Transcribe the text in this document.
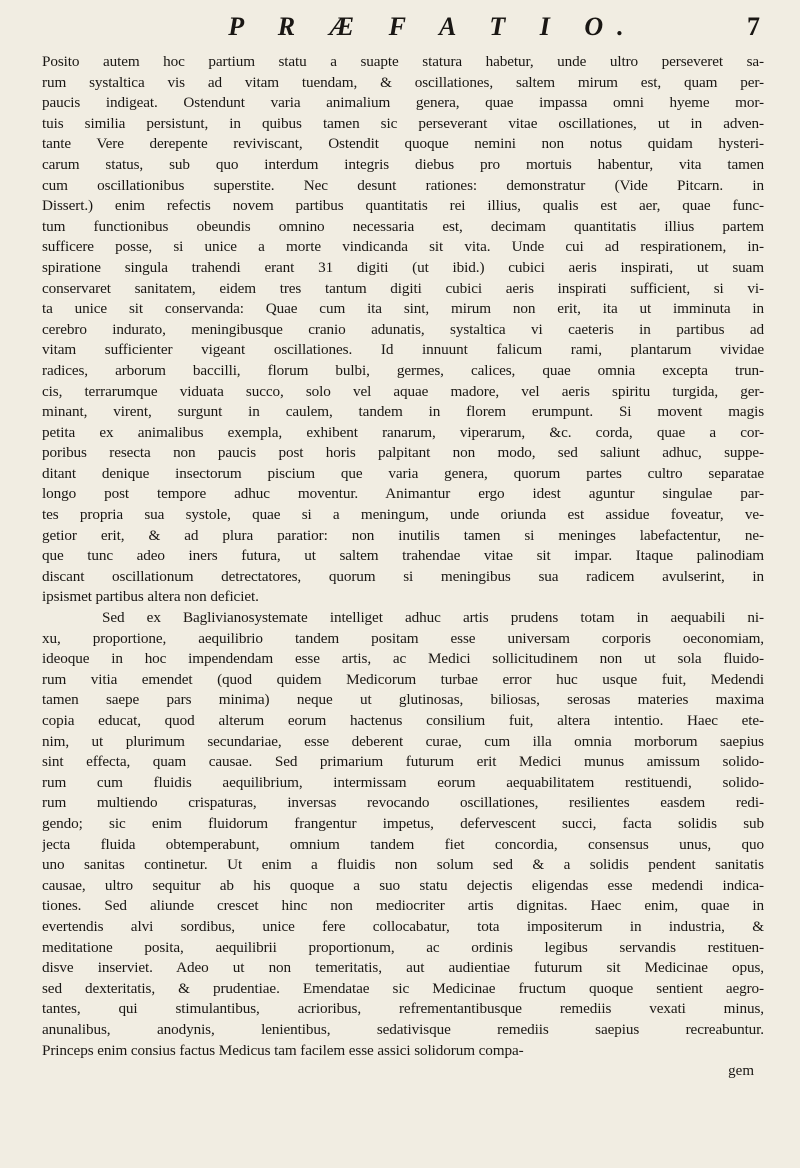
P R Æ F A T I O.	7
Posito autem hoc partium statu a suapte statura habetur, unde ultro perseveret sa-
rum systaltica vis ad vitam tuendam, & oscillationes, saltem mirum est, quam per-
paucis indigeat. Ostendunt varia animalium genera, quae impassa omni hyeme mor-
tuis similia persistunt, in quibus tamen sic perseverant vitae oscillationes, ut in adven-
tante Vere derepente reviviscant, Ostendit quoque nemini non notus quidam hysteri-
carum status, sub quo interdum integris diebus pro mortuis habentur, vita tamen
cum oscillationibus superstite. Nec desunt rationes: demonstratur (Vide Pitcarn. in
Dissert.) enim refectis novem partibus quantitatis rei illius, qualis est aer, quae func-
tum functionibus obeundis omnino necessaria est, decimam quantitatis illius partem
sufficere posse, si unice a morte vindicanda sit vita. Unde cui ad respirationem, in-
spiratione singula trahendi erant 31 digiti (ut ibid.) cubici aeris inspirati, ut suam
conservaret sanitatem, eidem tres tantum digiti cubici aeris inspirati sufficient, si vi-
ta unice sit conservanda: Quae cum ita sint, mirum non erit, ita ut imminuta in
cerebro indurato, meningibusque cranio adunatis, systaltica vi caeteris in partibus ad
vitam sufficienter vigeant oscillationes. Id innuunt falicum rami, plantarum vividae
radices, arborum baccilli, florum bulbi, germes, calices, quae omnia excepta trun-
cis, terrarumque viduata succo, solo vel aquae madore, vel aeris spiritu turgida, ger-
minant, virent, surgunt in caulem, tandem in florem erumpunt. Si movent magis
petita ex animalibus exempla, exhibent ranarum, viperarum, &c. corda, quae a cor-
poribus resecta non paucis post horis palpitant non modo, sed saliunt adhuc, suppe-
ditant denique insectorum piscium que varia genera, quorum partes cultro separatae
longo post tempore adhuc moventur. Animantur ergo idest aguntur singulae par-
tes propria sua systole, quae si a meningum, unde oriunda est assidue foveatur, ve-
getior erit, & ad plura paratior: non inutilis tamen si meninges labefactentur, ne-
que tunc adeo iners futura, ut saltem trahendae vitae sit impar. Itaque palinodiam
discant oscillationum detrectatores, quorum si meningibus sua radicem avulserint, in
ipsismet partibus altera non deficiet.
Sed ex Baglivianosystemate intelliget adhuc artis prudens totam in aequabili ni-
xu, proportione, aequilibrio tandem positam esse universam corporis oeconomiam,
ideoque in hoc impendendam esse artis, ac Medici sollicitudinem non ut sola fluido-
rum vitia emendet (quod quidem Medicorum turbae error huc usque fuit, Medendi
tamen saepe pars minima) neque ut glutinosas, biliosas, serosas materies maxima
copia educat, quod alterum eorum hactenus consilium fuit, altera intentio. Haec ete-
nim, ut plurimum secundariae, esse deberent curae, cum illa omnia morborum saepius
sint effecta, quam causae. Sed primarium futurum erit Medici munus amissum solido-
rum cum fluidis aequilibrium, intermissam eorum aequabilitatem restituendi, solido-
rum multiendo crispaturas, inversas revocando oscillationes, resilientes easdem redi-
gendo; sic enim fluidorum frangentur impetus, defervescent succi, facta solidis sub
jecta fluida obtemperabunt, omnium tandem fiet concordia, consensus unus, quo
uno sanitas continetur. Ut enim a fluidis non solum sed & a solidis pendent sanitatis
causae, ultro sequitur ab his quoque a suo statu dejectis eligendas esse medendi indica-
tiones. Sed aliunde crescet hinc non mediocriter artis dignitas. Haec enim, quae in
evertendis alvi sordibus, unice fere collocabatur, tota impositerum in industria, &
meditatione posita, aequilibrii proportionum, ac ordinis legibus servandis restituen-
disve inserviet. Adeo ut non temeritatis, aut audientiae futurum sit Medicinae opus,
sed dexteritatis, & prudentiae. Emendatae sic Medicinae fructum quoque sentient aegro-
tantes, qui stimulantibus, acrioribus, refrementantibusque remediis vexati minus,
anunalibus, anodynis, lenientibus, sedativisque remediis saepius recreabuntur.
Princeps enim consius factus Medicus tam facilem esse assici solidorum compa-
gem
